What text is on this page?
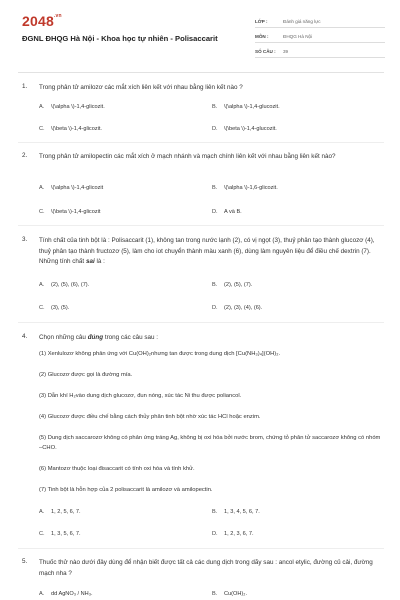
$2048^{.vn}$
ĐGNL ĐHQG Hà Nội - Khoa học tự nhiên - Polisaccarit
LỚP :	Đánh giá năng lực
MÔN :	ĐHQG Hà Nội
SỐ CÂU :	39
1. Trong phân tử amilozơ các mắt xích liên kết với nhau bằng liên kết nào ?
A. \(\alpha \)-1,4-glicozit.	B. \(\alpha \)-1,4-glucozit.
C. \(\beta \)-1,4-glicozit.	D. \(\beta \)-1,4-glucozit.
2. Trong phân tử amilopectin các mắt xích ở mạch nhánh và mạch chính liên kết với nhau bằng liên kết nào?
A. \(\alpha \)-1,4-glicozit	B. \(\alpha \)-1,6-glicozit.
C. \(\beta \)-1,4-glicozit	D. A và B.
3. Tính chất của tinh bột là : Polisaccarit (1), không tan trong nước lạnh (2), có vị ngọt (3), thuỷ phân tạo thành glucozơ (4), thuỷ phân tạo thành fructozơ (5), làm cho iot chuyển thành màu xanh (6), dùng làm nguyên liệu để điều chế dextrin (7). Những tính chất sai là :
A. (2), (5), (6), (7).	B. (2), (5), (7).
C. (3), (5).	D. (2), (3), (4), (6).
4. Chọn những câu đúng trong các câu sau :
(1) Xenlulozơ không phản ứng với Cu(OH)₂nhưng tan được trong dung dịch [Cu(NH₃)₄](OH)₂.
(2) Glucozơ được gọi là đường mía.
(3) Dẫn khí H₂vào dung dịch glucozơ, đun nóng, xúc tác Ni thu được poliancol.
(4) Glucozơ được điều chế bằng cách thủy phân tinh bột nhờ xúc tác HCl hoặc enzim.
(5) Dung dịch saccarozơ không có phản ứng tráng Ag, không bị oxi hóa bởi nước brom, chứng tỏ phân tử saccarozơ không có nhóm –CHO.
(6) Mantozơ thuộc loại đisaccarit có tính oxi hóa và tính khử.
(7) Tinh bột là hỗn hợp của 2 polisaccarit là amilozơ và amilopectin.
A. 1, 2, 5, 6, 7.	B. 1, 3, 4, 5, 6, 7.
C. 1, 3, 5, 6, 7.	D. 1, 2, 3, 6, 7.
5. Thuốc thử nào dưới đây dùng để nhận biết được tất cả các dung dịch trong dãy sau : ancol etylic, đường củ cải, đường mạch nha ?
A. dd AgNO₃ / NH₃.	B. Cu(OH)₂.
